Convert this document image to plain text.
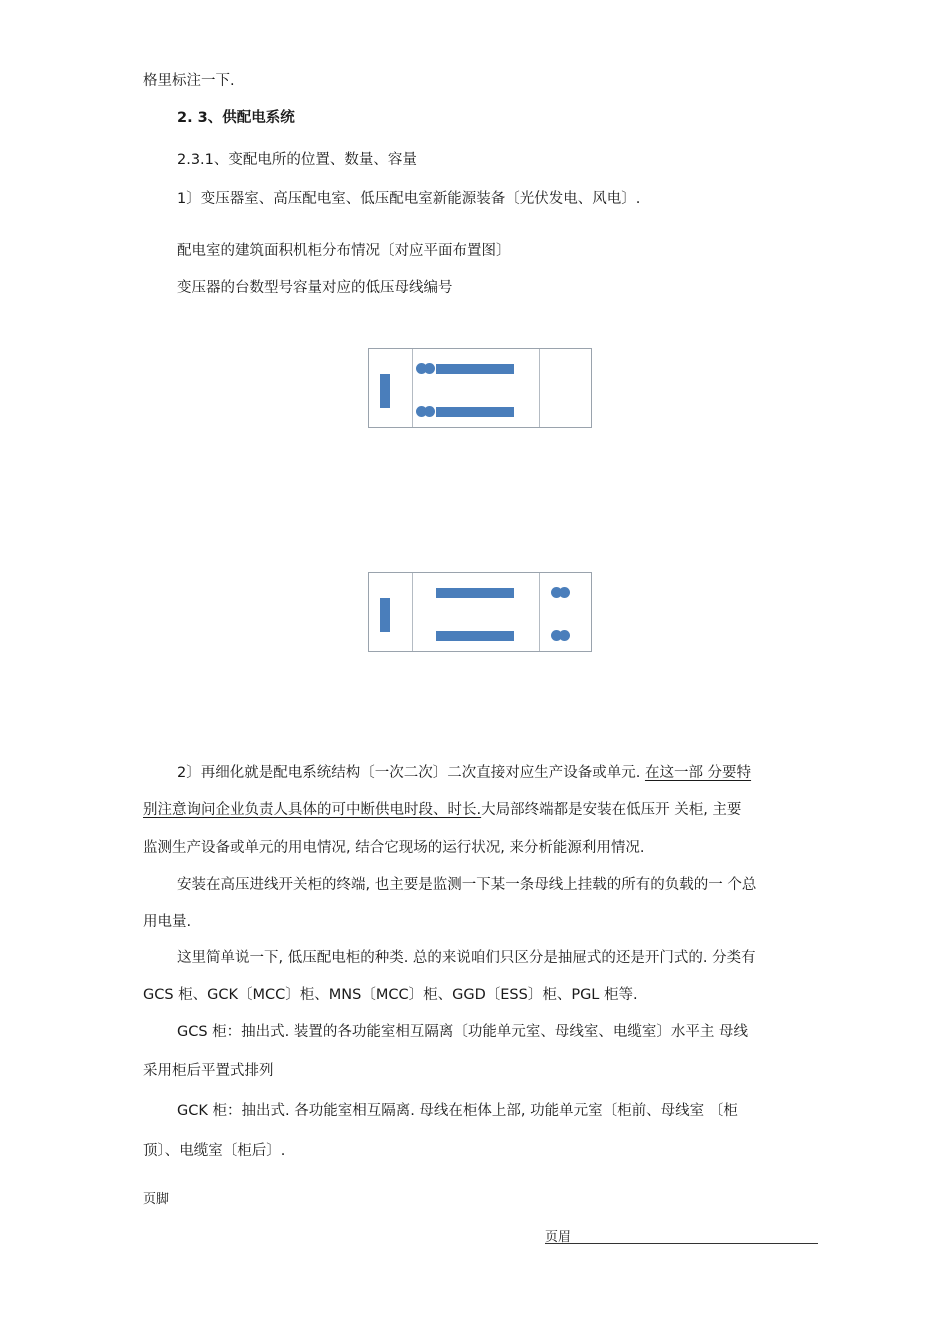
格里标注一下.

2. 3、供配电系统

2.3.1、变配电所的位置、数量、容量

1〕变压器室、高压配电室、低压配电室新能源装备〔光伏发电、风电〕.

配电室的建筑面积机柜分布情况〔对应平面布置图〕

变压器的台数型号容量对应的低压母线编号

2〕再细化就是配电系统结构〔一次二次〕二次直接对应生产设备或单元. 在这一部 分要特

别注意询问企业负责人具体的可中断供电时段、时长.大局部终端都是安装在低压开 关柜, 主要

监测生产设备或单元的用电情况, 结合它现场的运行状况, 来分析能源利用情况.

安装在高压进线开关柜的终端, 也主要是监测一下某一条母线上挂载的所有的负载的一 个总

用电量.

这里简单说一下, 低压配电柜的种类. 总的来说咱们只区分是抽屉式的还是开门式的. 分类有

GCS 柜、GCK〔MCC〕柜、MNS〔MCC〕柜、GGD〔ESS〕柜、PGL 柜等.

GCS 柜：抽出式. 装置的各功能室相互隔离〔功能单元室、母线室、电缆室〕水平主 母线

采用柜后平置式排列

GCK 柜：抽出式. 各功能室相互隔离. 母线在柜体上部, 功能单元室〔柜前、母线室 〔柜

顶〕、电缆室〔柜后〕.

页脚

页眉
